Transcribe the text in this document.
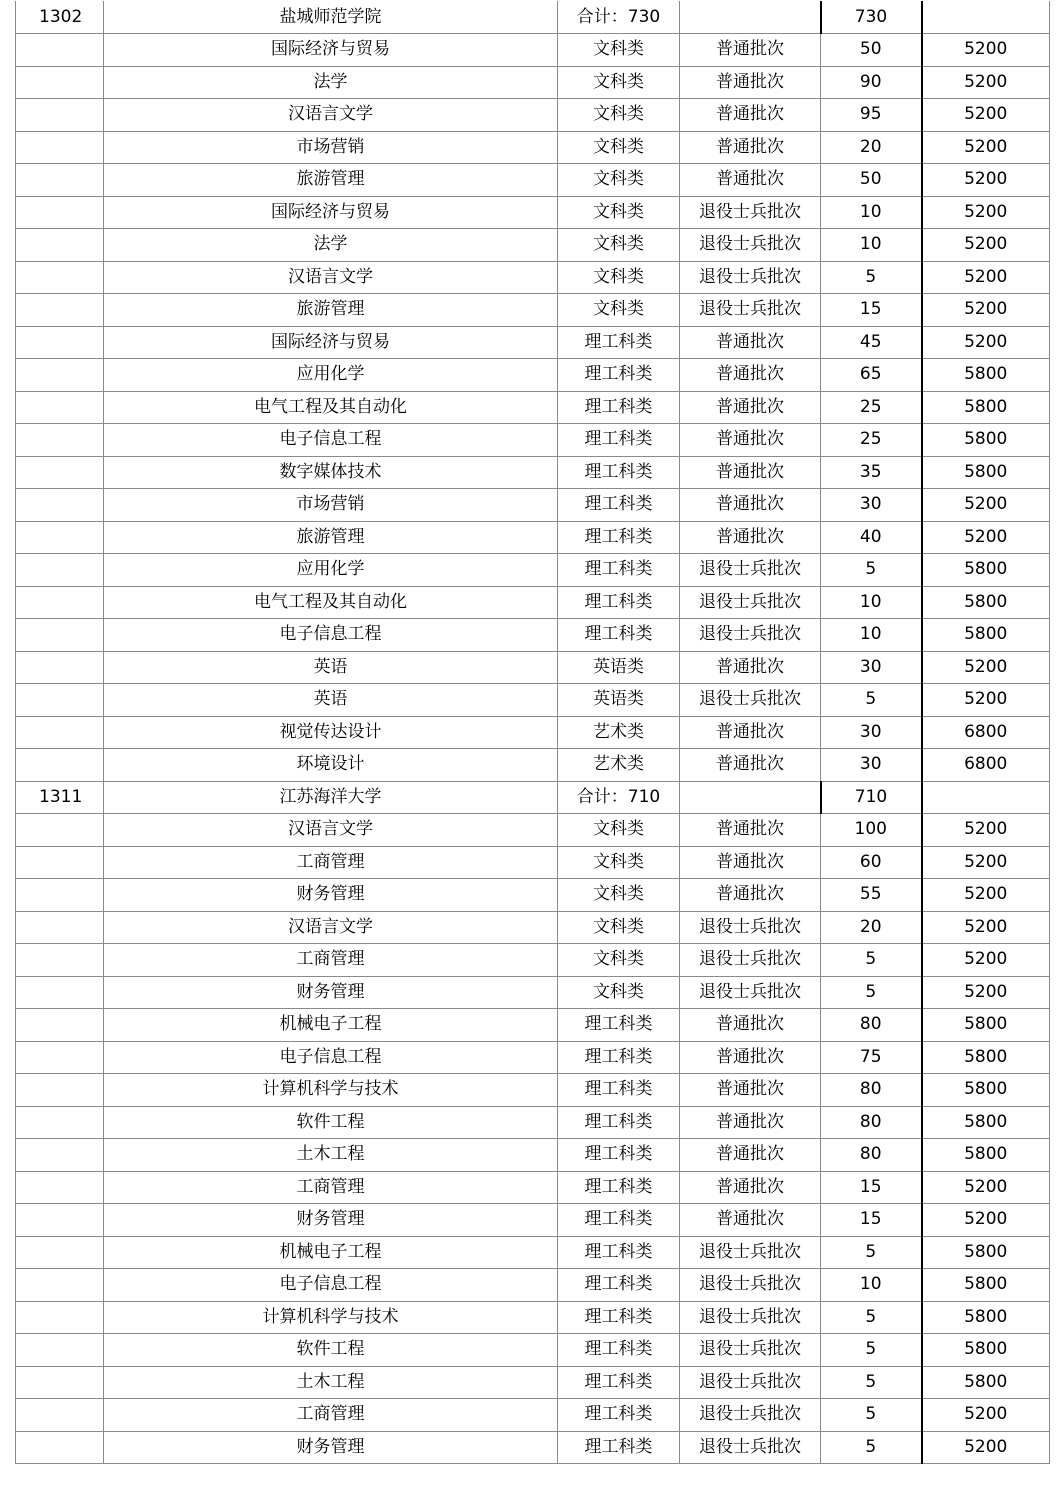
1302	盐城师范学院	合计：730		730	
	国际经济与贸易	文科类	普通批次	50	5200
	法学	文科类	普通批次	90	5200
	汉语言文学	文科类	普通批次	95	5200
	市场营销	文科类	普通批次	20	5200
	旅游管理	文科类	普通批次	50	5200
	国际经济与贸易	文科类	退役士兵批次	10	5200
	法学	文科类	退役士兵批次	10	5200
	汉语言文学	文科类	退役士兵批次	5	5200
	旅游管理	文科类	退役士兵批次	15	5200
	国际经济与贸易	理工科类	普通批次	45	5200
	应用化学	理工科类	普通批次	65	5800
	电气工程及其自动化	理工科类	普通批次	25	5800
	电子信息工程	理工科类	普通批次	25	5800
	数字媒体技术	理工科类	普通批次	35	5800
	市场营销	理工科类	普通批次	30	5200
	旅游管理	理工科类	普通批次	40	5200
	应用化学	理工科类	退役士兵批次	5	5800
	电气工程及其自动化	理工科类	退役士兵批次	10	5800
	电子信息工程	理工科类	退役士兵批次	10	5800
	英语	英语类	普通批次	30	5200
	英语	英语类	退役士兵批次	5	5200
	视觉传达设计	艺术类	普通批次	30	6800
	环境设计	艺术类	普通批次	30	6800
1311	江苏海洋大学	合计：710		710	
	汉语言文学	文科类	普通批次	100	5200
	工商管理	文科类	普通批次	60	5200
	财务管理	文科类	普通批次	55	5200
	汉语言文学	文科类	退役士兵批次	20	5200
	工商管理	文科类	退役士兵批次	5	5200
	财务管理	文科类	退役士兵批次	5	5200
	机械电子工程	理工科类	普通批次	80	5800
	电子信息工程	理工科类	普通批次	75	5800
	计算机科学与技术	理工科类	普通批次	80	5800
	软件工程	理工科类	普通批次	80	5800
	土木工程	理工科类	普通批次	80	5800
	工商管理	理工科类	普通批次	15	5200
	财务管理	理工科类	普通批次	15	5200
	机械电子工程	理工科类	退役士兵批次	5	5800
	电子信息工程	理工科类	退役士兵批次	10	5800
	计算机科学与技术	理工科类	退役士兵批次	5	5800
	软件工程	理工科类	退役士兵批次	5	5800
	土木工程	理工科类	退役士兵批次	5	5800
	工商管理	理工科类	退役士兵批次	5	5200
	财务管理	理工科类	退役士兵批次	5	5200
